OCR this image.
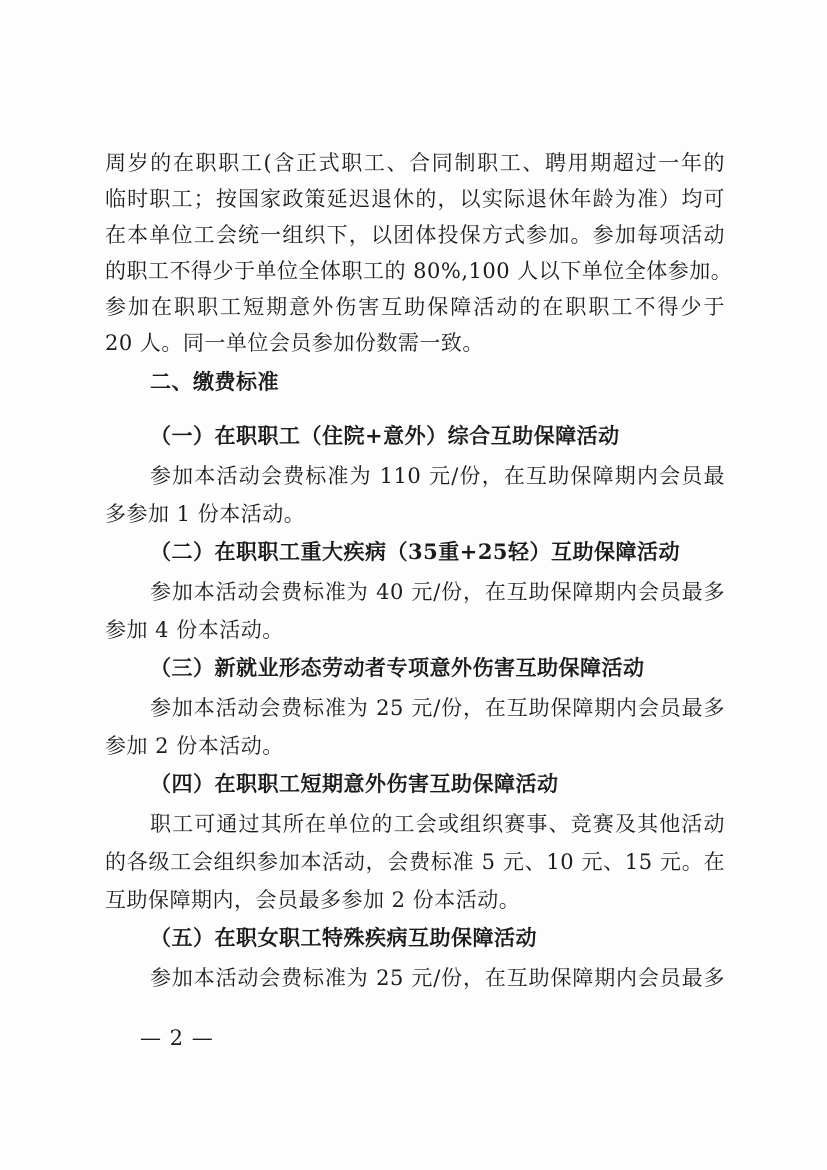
周岁的在职职工(含正式职工、合同制职工、聘用期超过一年的
临时职工；按国家政策延迟退休的，以实际退休年龄为准）均可
在本单位工会统一组织下，以团体投保方式参加。参加每项活动
的职工不得少于单位全体职工的 80%,100 人以下单位全体参加。
参加在职职工短期意外伤害互助保障活动的在职职工不得少于
20 人。同一单位会员参加份数需一致。
二、缴费标准
（一）在职职工（住院+意外）综合互助保障活动
参加本活动会费标准为 110 元/份，在互助保障期内会员最
多参加 1 份本活动。
（二）在职职工重大疾病（35重+25轻）互助保障活动
参加本活动会费标准为 40 元/份，在互助保障期内会员最多
参加 4 份本活动。
（三）新就业形态劳动者专项意外伤害互助保障活动
参加本活动会费标准为 25 元/份，在互助保障期内会员最多
参加 2 份本活动。
（四）在职职工短期意外伤害互助保障活动
职工可通过其所在单位的工会或组织赛事、竞赛及其他活动
的各级工会组织参加本活动，会费标准 5 元、10 元、15 元。在
互助保障期内，会员最多参加 2 份本活动。
（五）在职女职工特殊疾病互助保障活动
参加本活动会费标准为 25 元/份，在互助保障期内会员最多
— 2 —
